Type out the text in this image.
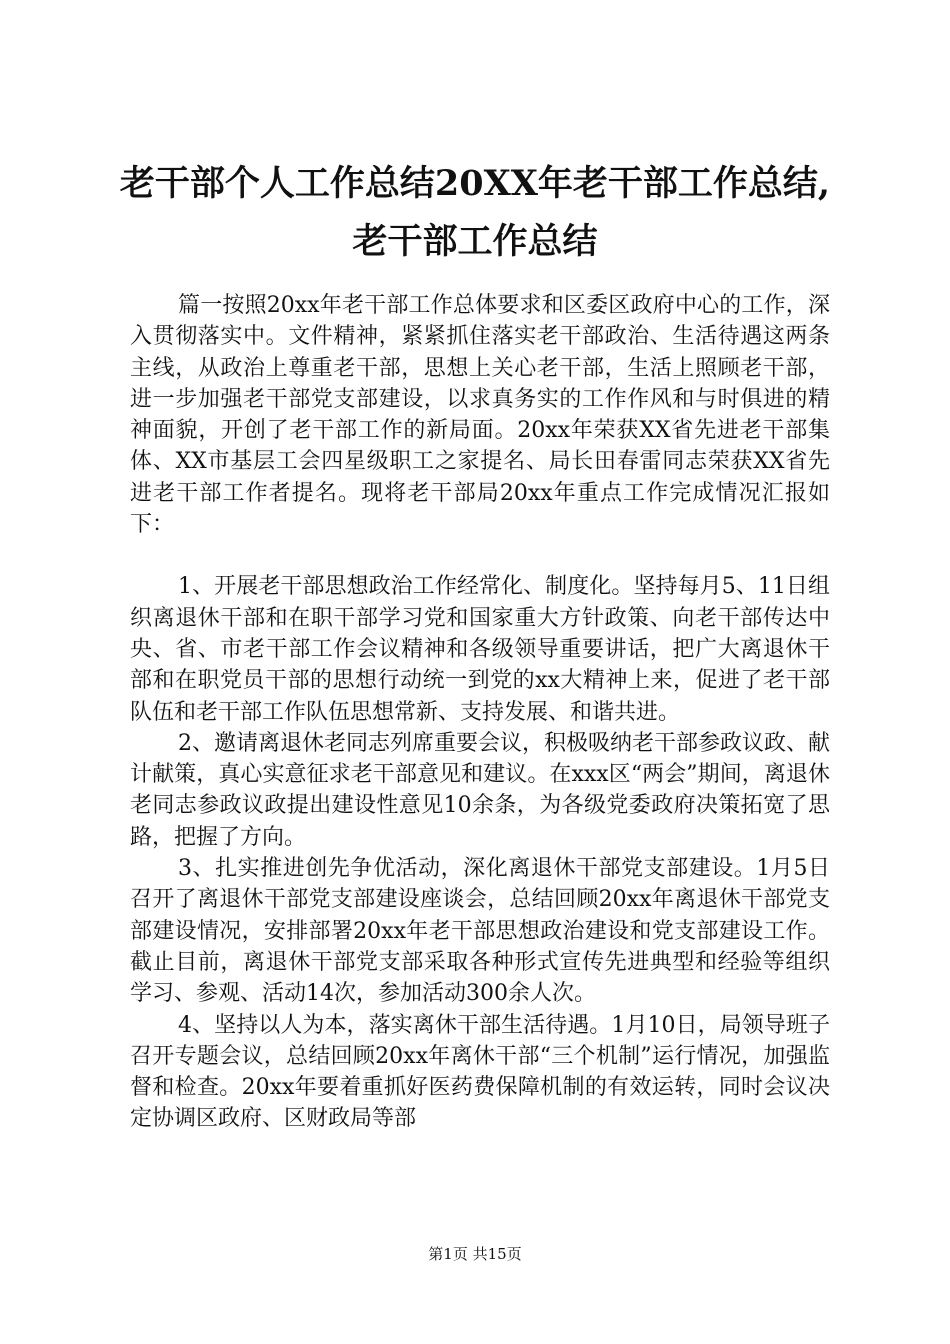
老干部个人工作总结20XX年老干部工作总结,
老干部工作总结

篇一按照20xx年老干部工作总体要求和区委区政府中心的工作，深入贯彻落实中。文件精神，紧紧抓住落实老干部政治、生活待遇这两条主线，从政治上尊重老干部，思想上关心老干部，生活上照顾老干部，进一步加强老干部党支部建设，以求真务实的工作作风和与时俱进的精神面貌，开创了老干部工作的新局面。20xx年荣获XX省先进老干部集体、XX市基层工会四星级职工之家提名、局长田春雷同志荣获XX省先进老干部工作者提名。现将老干部局20xx年重点工作完成情况汇报如下：

1、开展老干部思想政治工作经常化、制度化。坚持每月5、11日组织离退休干部和在职干部学习党和国家重大方针政策、向老干部传达中央、省、市老干部工作会议精神和各级领导重要讲话，把广大离退休干部和在职党员干部的思想行动统一到党的xx大精神上来，促进了老干部队伍和老干部工作队伍思想常新、支持发展、和谐共进。

2、邀请离退休老同志列席重要会议，积极吸纳老干部参政议政、献计献策，真心实意征求老干部意见和建议。在xxx区“两会”期间，离退休老同志参政议政提出建设性意见10余条，为各级党委政府决策拓宽了思路，把握了方向。

3、扎实推进创先争优活动，深化离退休干部党支部建设。1月5日召开了离退休干部党支部建设座谈会，总结回顾20xx年离退休干部党支部建设情况，安排部署20xx年老干部思想政治建设和党支部建设工作。截止目前，离退休干部党支部采取各种形式宣传先进典型和经验等组织学习、参观、活动14次，参加活动300余人次。

4、坚持以人为本，落实离休干部生活待遇。1月10日，局领导班子召开专题会议，总结回顾20xx年离休干部“三个机制”运行情况，加强监督和检查。20xx年要着重抓好医药费保障机制的有效运转，同时会议决定协调区政府、区财政局等部

第1页 共15页
